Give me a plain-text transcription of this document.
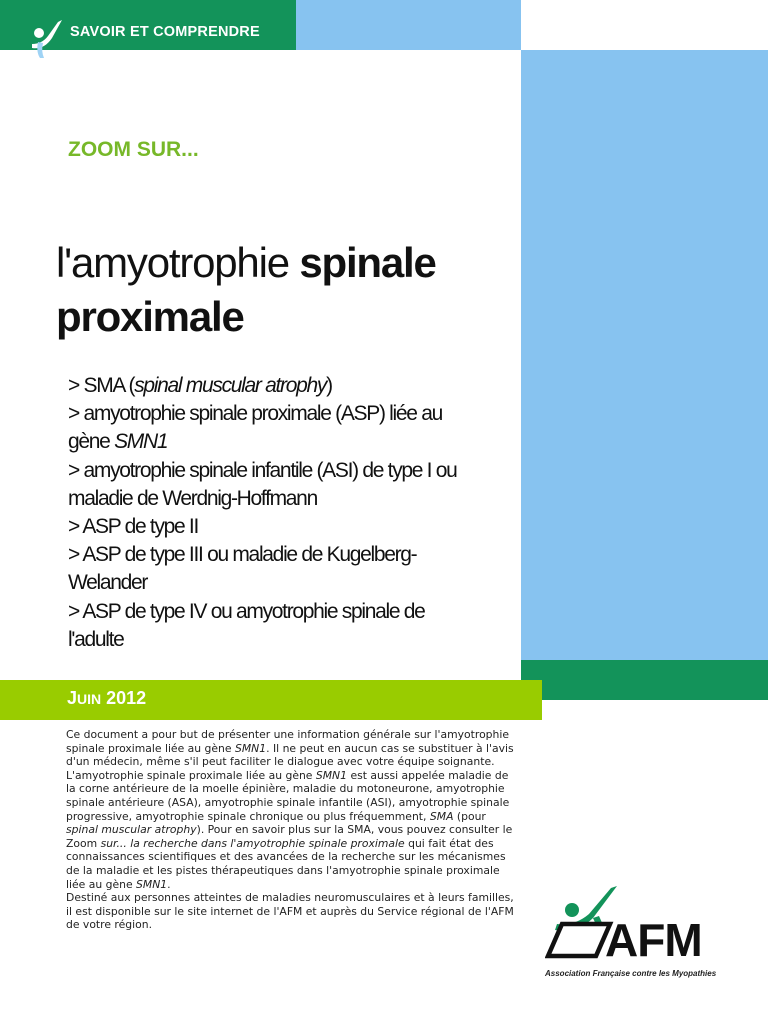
SAVOIR ET COMPRENDRE
ZOOM SUR...
l'amyotrophie spinale
proximale
> SMA (spinal muscular atrophy)
> amyotrophie spinale proximale (ASP) liée au
gène SMN1
> amyotrophie spinale infantile (ASI) de type I ou
maladie de Werdnig-Hoffmann
> ASP de type II
> ASP de type III ou maladie de Kugelberg-
Welander
> ASP de type IV ou amyotrophie spinale de
l'adulte
JUIN 2012

Ce document a pour but de présenter une information générale sur l'amyotrophie spinale proximale liée au gène SMN1. Il ne peut en aucun cas se substituer à l'avis d'un médecin, même s'il peut faciliter le dialogue avec votre équipe soignante.

L'amyotrophie spinale proximale liée au gène SMN1 est aussi appelée maladie de la corne antérieure de la moelle épinière, maladie du motoneurone, amyotrophie spinale antérieure (ASA), amyotrophie spinale infantile (ASI), amyotrophie spinale progressive, amyotrophie spinale chronique ou plus fréquemment, SMA (pour spinal muscular atrophy). Pour en savoir plus sur la SMA, vous pouvez consulter le Zoom sur... la recherche dans l'amyotrophie spinale proximale qui fait état des connaissances scientifiques et des avancées de la recherche sur les mécanismes de la maladie et les pistes thérapeutiques dans l'amyotrophie spinale proximale liée au gène SMN1.

Destiné aux personnes atteintes de maladies neuromusculaires et à leurs familles, il est disponible sur le site internet de l'AFM et auprès du Service régional de l'AFM de votre région.	AFM
Association Française contre les Myopathies
